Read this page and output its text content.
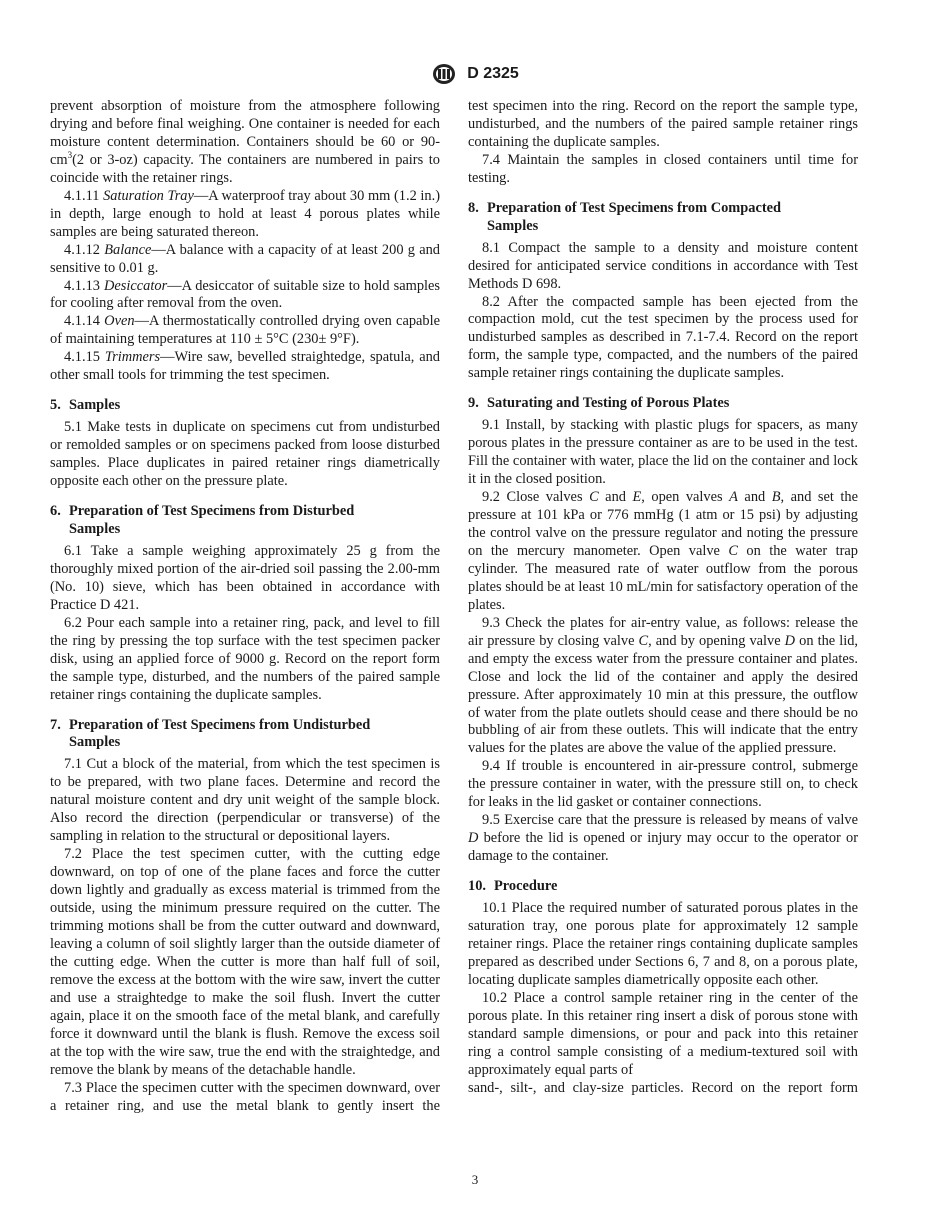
D 2325

prevent absorption of moisture from the atmosphere following drying and before final weighing. One container is needed for each moisture content determination. Containers should be 60 or $90-cm^3(2$ or 3-oz) capacity. The containers are numbered in pairs to coincide with the retainer rings.

4.1.11 Saturation Tray—A waterproof tray about 30 mm (1.2 in.) in depth, large enough to hold at least 4 porous plates while samples are being saturated thereon.

4.1.12 Balance—A balance with a capacity of at least 200 g and sensitive to 0.01 g.

4.1.13 Desiccator—A desiccator of suitable size to hold samples for cooling after removal from the oven.

4.1.14 Oven—A thermostatically controlled drying oven capable of maintaining temperatures at 110 ± 5°C (230± 9°F).

4.1.15 Trimmers—Wire saw, bevelled straightedge, spatula, and other small tools for trimming the test specimen.

5. Samples

5.1 Make tests in duplicate on specimens cut from undisturbed or remolded samples or on specimens packed from loose disturbed samples. Place duplicates in paired retainer rings diametrically opposite each other on the pressure plate.

6. Preparation of Test Specimens from Disturbed
Samples

6.1 Take a sample weighing approximately 25 g from the thoroughly mixed portion of the air-dried soil passing the 2.00-mm (No. 10) sieve, which has been obtained in accordance with Practice D 421.

6.2 Pour each sample into a retainer ring, pack, and level to fill the ring by pressing the top surface with the test specimen packer disk, using an applied force of 9000 g. Record on the report form the sample type, disturbed, and the numbers of the paired sample retainer rings containing the duplicate samples.

7. Preparation of Test Specimens from Undisturbed
Samples

7.1 Cut a block of the material, from which the test specimen is to be prepared, with two plane faces. Determine and record the natural moisture content and dry unit weight of the sample block. Also record the direction (perpendicular or transverse) of the sampling in relation to the structural or depositional layers.

7.2 Place the test specimen cutter, with the cutting edge downward, on top of one of the plane faces and force the cutter down lightly and gradually as excess material is trimmed from the outside, using the minimum pressure required on the cutter. The trimming motions shall be from the cutter outward and downward, leaving a column of soil slightly larger than the outside diameter of the cutting edge. When the cutter is more than half full of soil, remove the excess at the bottom with the wire saw, invert the cutter and use a straightedge to make the soil flush. Invert the cutter again, place it on the smooth face of the metal blank, and carefully force it downward until the blank is flush. Remove the excess soil at the top with the wire saw, true the end with the straightedge, and remove the blank by means of the detachable handle.

7.3 Place the specimen cutter with the specimen downward, over a retainer ring, and use the metal blank to gently insert the

test specimen into the ring. Record on the report the sample type, undisturbed, and the numbers of the paired sample retainer rings containing the duplicate samples.

7.4 Maintain the samples in closed containers until time for testing.

8. Preparation of Test Specimens from Compacted
Samples

8.1 Compact the sample to a density and moisture content desired for anticipated service conditions in accordance with Test Methods D 698.

8.2 After the compacted sample has been ejected from the compaction mold, cut the test specimen by the process used for undisturbed samples as described in 7.1-7.4. Record on the report form, the sample type, compacted, and the numbers of the paired sample retainer rings containing the duplicate samples.

9. Saturating and Testing of Porous Plates

9.1 Install, by stacking with plastic plugs for spacers, as many porous plates in the pressure container as are to be used in the test. Fill the container with water, place the lid on the container and lock it in the closed position.

9.2 Close valves C and E, open valves A and B, and set the pressure at 101 kPa or 776 mmHg (1 atm or 15 psi) by adjusting the control valve on the pressure regulator and noting the pressure on the mercury manometer. Open valve C on the water trap cylinder. The measured rate of water outflow from the porous plates should be at least 10 mL/min for satisfactory operation of the plates.

9.3 Check the plates for air-entry value, as follows: release the air pressure by closing valve C, and by opening valve D on the lid, and empty the excess water from the pressure container and plates. Close and lock the lid of the container and apply the desired pressure. After approximately 10 min at this pressure, the outflow of water from the plate outlets should cease and there should be no bubbling of air from these outlets. This will indicate that the entry values for the plates are above the value of the applied pressure.

9.4 If trouble is encountered in air-pressure control, submerge the pressure container in water, with the pressure still on, to check for leaks in the lid gasket or container connections.

9.5 Exercise care that the pressure is released by means of valve D before the lid is opened or injury may occur to the operator or damage to the container.

10. Procedure

10.1 Place the required number of saturated porous plates in the saturation tray, one porous plate for approximately 12 sample retainer rings. Place the retainer rings containing duplicate samples prepared as described under Sections 6, 7 and 8, on a porous plate, locating duplicate samples diametrically opposite each other.

10.2 Place a control sample retainer ring in the center of the porous plate. In this retainer ring insert a disk of porous stone with standard sample dimensions, or pour and pack into this retainer ring a control sample consisting of a medium-textured soil with approximately equal parts of

sand-, silt-, and clay-size particles. Record on the report form

3
